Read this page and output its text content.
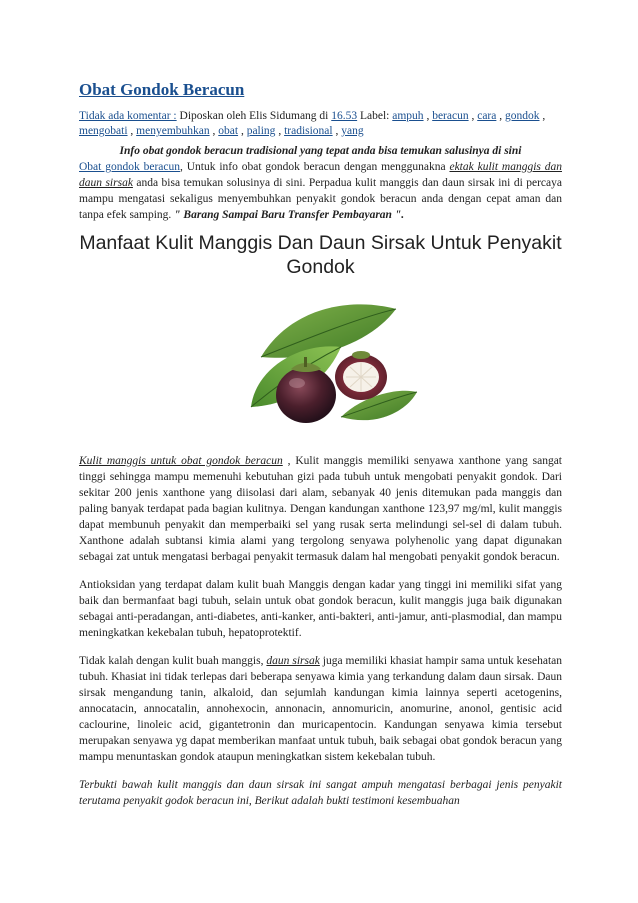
Obat Gondok Beracun
Tidak ada komentar : Diposkan oleh Elis Sidumang di 16.53 Label: ampuh , beracun , cara , gondok , mengobati , menyembuhkan , obat , paling , tradisional , yang

Info obat gondok beracun tradisional yang tepat anda bisa temukan salusinya di sini

Obat gondok beracun, Untuk info obat gondok beracun dengan menggunakna ektak kulit manggis dan daun sirsak anda bisa temukan solusinya di sini. Perpadua kulit manggis dan daun sirsak ini di percaya mampu mengatasi sekaligus menyembuhkan penyakit gondok beracun anda dengan cepat aman dan tanpa efek samping. " Barang Sampai Baru Transfer Pembayaran ".

Manfaat Kulit Manggis Dan Daun Sirsak Untuk Penyakit Gondok

Kulit manggis untuk obat gondok beracun , Kulit manggis memiliki senyawa xanthone yang sangat tinggi sehingga mampu memenuhi kebutuhan gizi pada tubuh untuk mengobati penyakit gondok. Dari sekitar 200 jenis xanthone yang diisolasi dari alam, sebanyak 40 jenis ditemukan pada manggis dan paling banyak terdapat pada bagian kulitnya. Dengan kandungan xanthone 123,97 mg/ml, kulit manggis dapat membunuh penyakit dan memperbaiki sel yang rusak serta melindungi sel-sel di dalam tubuh. Xanthone adalah subtansi kimia alami yang tergolong senyawa polyhenolic yang dapat digunakan sebagai zat untuk mengatasi berbagai penyakit termasuk dalam hal mengobati penyakit gondok beracun.

Antioksidan yang terdapat dalam kulit buah Manggis dengan kadar yang tinggi ini memiliki sifat yang baik dan bermanfaat bagi tubuh, selain untuk obat gondok beracun, kulit manggis juga baik digunakan sebagai anti-peradangan, anti-diabetes, anti-kanker, anti-bakteri, anti-jamur, anti-plasmodial, dan mampu meningkatkan kekebalan tubuh, hepatoprotektif.

Tidak kalah dengan kulit buah manggis, daun sirsak juga memiliki khasiat hampir sama untuk kesehatan tubuh. Khasiat ini tidak terlepas dari beberapa senyawa kimia yang terkandung dalam daun sirsak. Daun sirsak mengandung tanin, alkaloid, dan sejumlah kandungan kimia lainnya seperti acetogenins, annocatacin, annocatalin, annohexocin, annonacin, annomuricin, anomurine, anonol, gentisic acid caclourine, linoleic acid, gigantetronin dan muricapentocin. Kandungan senyawa kimia tersebut merupakan senyawa yg dapat memberikan manfaat untuk tubuh, baik sebagai obat gondok beracun yang mampu menuntaskan gondok ataupun meningkatkan sistem kekebalan tubuh.

Terbukti bawah kulit manggis dan daun sirsak ini sangat ampuh mengatasi berbagai jenis penyakit terutama penyakit godok beracun ini, Berikut adalah bukti testimoni kesembuahan
